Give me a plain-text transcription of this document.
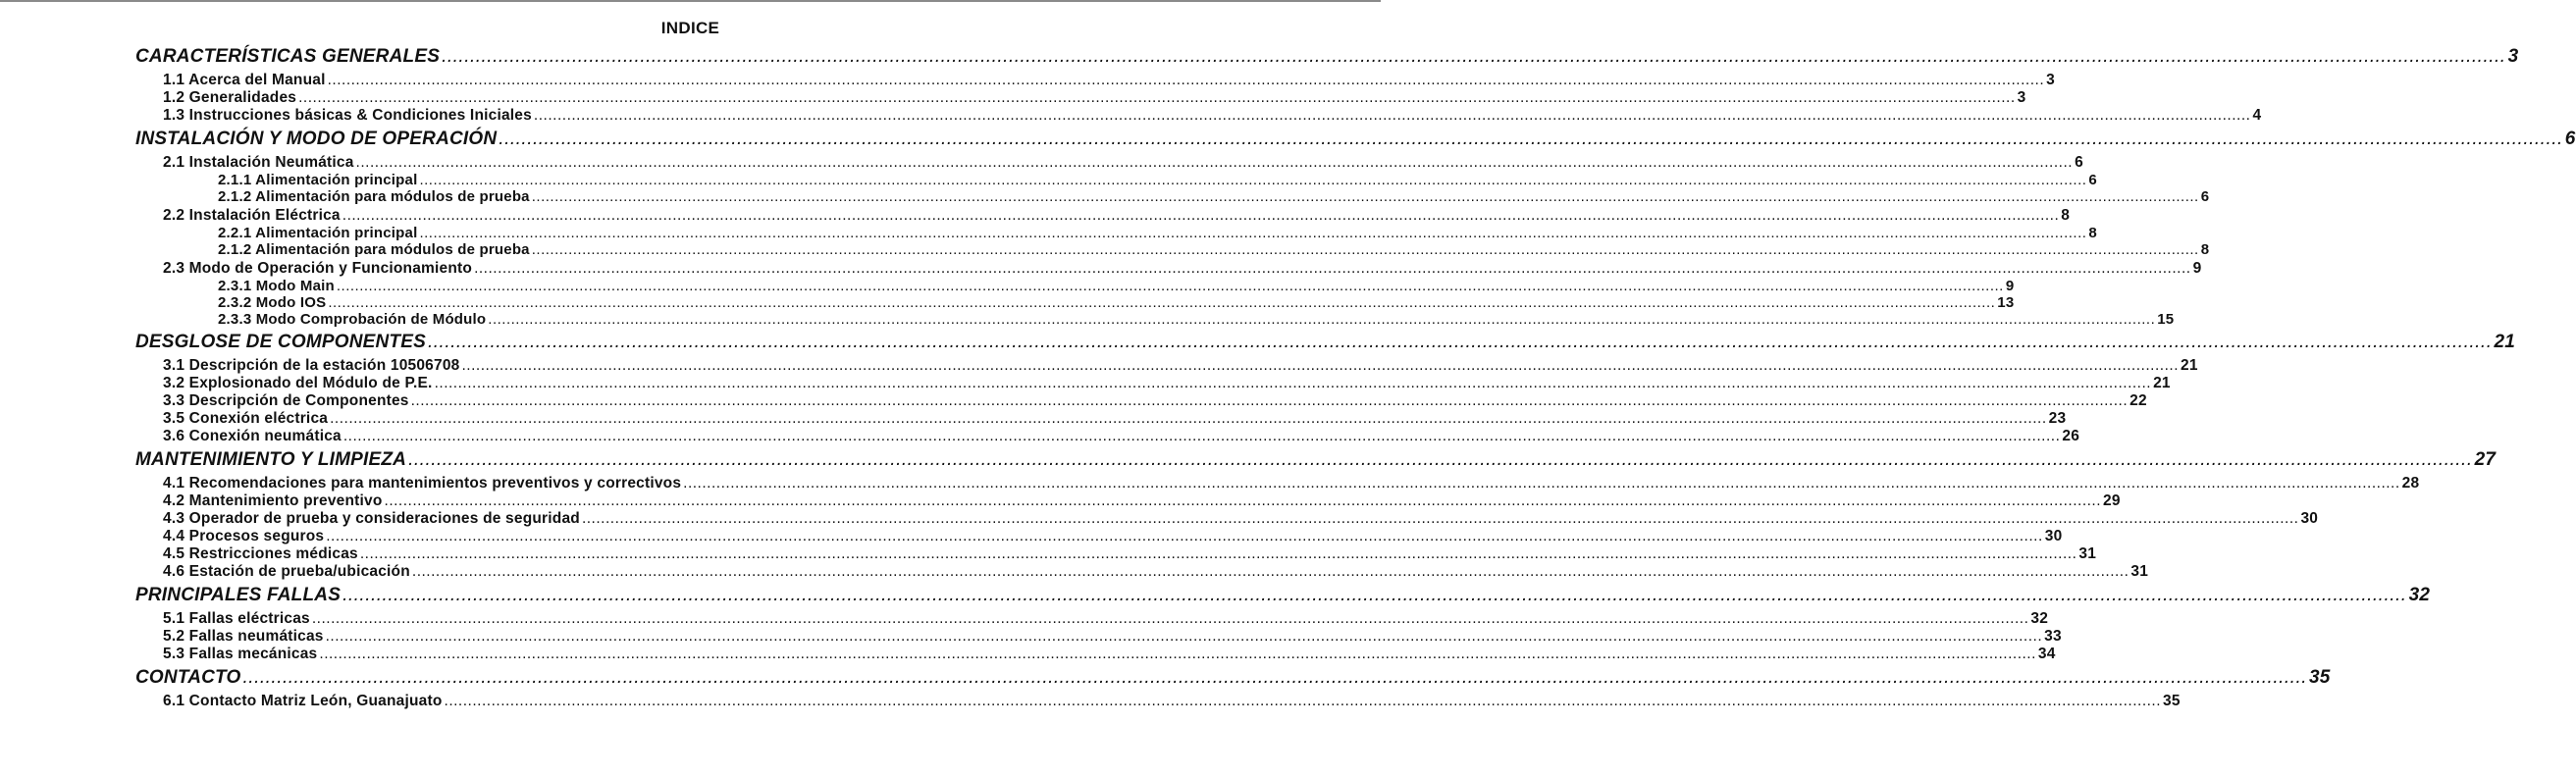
INDICE
CARACTERÍSTICAS GENERALES ............................................................................................................................................................................................................................................................................................................................................................................ 3
1.1 Acerca del Manual ............................................................................................................................................................................................................................................................................................................................................................................ 3
1.2 Generalidades ............................................................................................................................................................................................................................................................................................................................................................................ 3
1.3 Instrucciones básicas & Condiciones Iniciales ............................................................................................................................................................................................................................................................................................................................................................................ 4
INSTALACIÓN Y MODO DE OPERACIÓN ............................................................................................................................................................................................................................................................................................................................................................................ 6
2.1 Instalación Neumática ............................................................................................................................................................................................................................................................................................................................................................................ 6
2.1.1 Alimentación principal ............................................................................................................................................................................................................................................................................................................................................................................ 6
2.1.2 Alimentación para módulos de prueba ............................................................................................................................................................................................................................................................................................................................................................................ 6
2.2 Instalación Eléctrica ............................................................................................................................................................................................................................................................................................................................................................................ 8
2.2.1 Alimentación principal ............................................................................................................................................................................................................................................................................................................................................................................ 8
2.1.2 Alimentación para módulos de prueba ............................................................................................................................................................................................................................................................................................................................................................................ 8
2.3 Modo de Operación y Funcionamiento ............................................................................................................................................................................................................................................................................................................................................................................ 9
2.3.1 Modo Main ............................................................................................................................................................................................................................................................................................................................................................................ 9
2.3.2 Modo IOS ............................................................................................................................................................................................................................................................................................................................................................................ 13
2.3.3 Modo Comprobación de Módulo ............................................................................................................................................................................................................................................................................................................................................................................ 15
DESGLOSE DE COMPONENTES ............................................................................................................................................................................................................................................................................................................................................................................ 21
3.1 Descripción de la estación 10506708 ............................................................................................................................................................................................................................................................................................................................................................................ 21
3.2 Explosionado del Módulo de P.E. ............................................................................................................................................................................................................................................................................................................................................................................ 21
3.3 Descripción de Componentes ............................................................................................................................................................................................................................................................................................................................................................................ 22
3.5 Conexión eléctrica ............................................................................................................................................................................................................................................................................................................................................................................ 23
3.6 Conexión neumática ............................................................................................................................................................................................................................................................................................................................................................................ 26
MANTENIMIENTO Y LIMPIEZA ............................................................................................................................................................................................................................................................................................................................................................................ 27
4.1 Recomendaciones para mantenimientos preventivos y correctivos ............................................................................................................................................................................................................................................................................................................................................................................ 28
4.2 Mantenimiento preventivo ............................................................................................................................................................................................................................................................................................................................................................................ 29
4.3 Operador de prueba y consideraciones de seguridad ............................................................................................................................................................................................................................................................................................................................................................................ 30
4.4 Procesos seguros ............................................................................................................................................................................................................................................................................................................................................................................ 30
4.5 Restricciones médicas ............................................................................................................................................................................................................................................................................................................................................................................ 31
4.6 Estación de prueba/ubicación ............................................................................................................................................................................................................................................................................................................................................................................ 31
PRINCIPALES FALLAS ............................................................................................................................................................................................................................................................................................................................................................................ 32
5.1 Fallas eléctricas ............................................................................................................................................................................................................................................................................................................................................................................ 32
5.2 Fallas neumáticas ............................................................................................................................................................................................................................................................................................................................................................................ 33
5.3 Fallas mecánicas ............................................................................................................................................................................................................................................................................................................................................................................ 34
CONTACTO ............................................................................................................................................................................................................................................................................................................................................................................ 35
6.1 Contacto Matriz León, Guanajuato ............................................................................................................................................................................................................................................................................................................................................................................ 35
